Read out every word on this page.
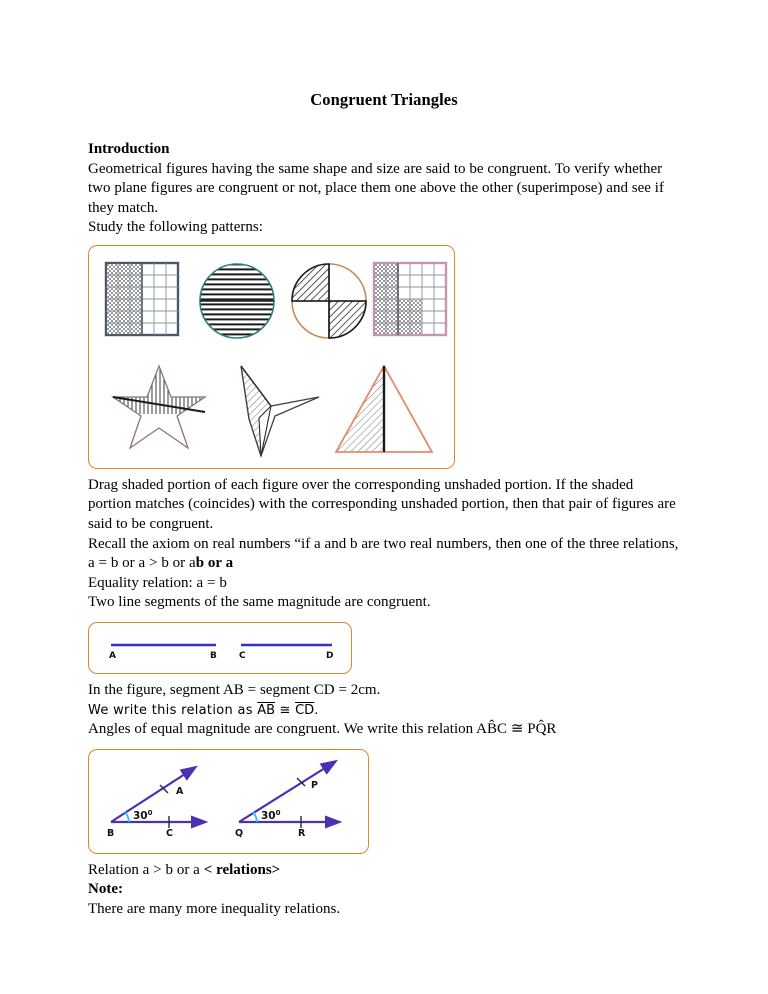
Congruent Triangles
Introduction

Geometrical figures having the same shape and size are said to be congruent. To verify whether two plane figures are congruent or not, place them one above the other (superimpose) and see if they match.

Study the following patterns:

Drag shaded portion of each figure over the corresponding unshaded portion. If the shaded portion matches (coincides) with the corresponding unshaded portion, then that pair of figures are said to be congruent.

Recall the axiom on real numbers “if a and b are two real numbers, then one of the three relations, a = b or a > b or ab or a

Equality relation: a = b

Two line segments of the same magnitude are congruent.

A	B C	D

In the figure, segment AB = segment CD = 2cm.

We write this relation as $\overline{AB}$ ≅ $\overline{CD}$.

Angles of equal magnitude are congruent. We write this relation AB̂C ≅ PQ̂R

$30^0$
B	C
A
$30^0$
Q	R
P

Relation a > b or a < relations>

Note:

There are many more inequality relations.
